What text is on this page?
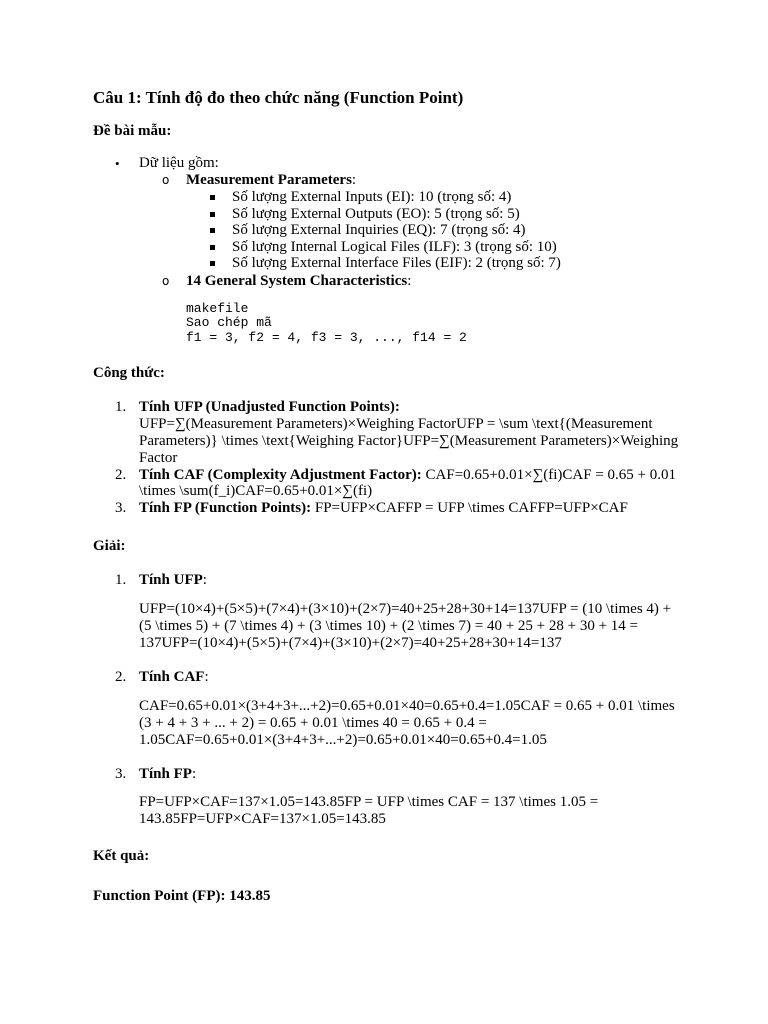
Câu 1: Tính độ đo theo chức năng (Function Point)

Đề bài mẫu:

• Dữ liệu gồm:
o Measurement Parameters:
Số lượng External Inputs (EI): 10 (trọng số: 4)
Số lượng External Outputs (EO): 5 (trọng số: 5)
Số lượng External Inquiries (EQ): 7 (trọng số: 4)
Số lượng Internal Logical Files (ILF): 3 (trọng số: 10)
Số lượng External Interface Files (EIF): 2 (trọng số: 7)
o 14 General System Characteristics:
makefile
Sao chép mã
f1 = 3, f2 = 4, f3 = 3, ..., f14 = 2

Công thức:

1. Tính UFP (Unadjusted Function Points):
UFP=∑(Measurement Parameters)×Weighing FactorUFP = \sum \text{(Measurement Parameters)} \times \text{Weighing Factor}UFP=∑(Measurement Parameters)×Weighing Factor
2. Tính CAF (Complexity Adjustment Factor): CAF=0.65+0.01×∑(fi)CAF = 0.65 + 0.01 \times \sum(f_i)CAF=0.65+0.01×∑(fi)
3. Tính FP (Function Points): FP=UFP×CAFFP = UFP \times CAFFP=UFP×CAF

Giải:

1. Tính UFP:
UFP=(10×4)+(5×5)+(7×4)+(3×10)+(2×7)=40+25+28+30+14=137UFP = (10 \times 4) + (5 \times 5) + (7 \times 4) + (3 \times 10) + (2 \times 7) = 40 + 25 + 28 + 30 + 14 = 137UFP=(10×4)+(5×5)+(7×4)+(3×10)+(2×7)=40+25+28+30+14=137
2. Tính CAF:
CAF=0.65+0.01×(3+4+3+...+2)=0.65+0.01×40=0.65+0.4=1.05CAF = 0.65 + 0.01 \times (3 + 4 + 3 + ... + 2) = 0.65 + 0.01 \times 40 = 0.65 + 0.4 = 1.05CAF=0.65+0.01×(3+4+3+...+2)=0.65+0.01×40=0.65+0.4=1.05
3. Tính FP:
FP=UFP×CAF=137×1.05=143.85FP = UFP \times CAF = 137 \times 1.05 = 143.85FP=UFP×CAF=137×1.05=143.85

Kết quả:

Function Point (FP): 143.85
